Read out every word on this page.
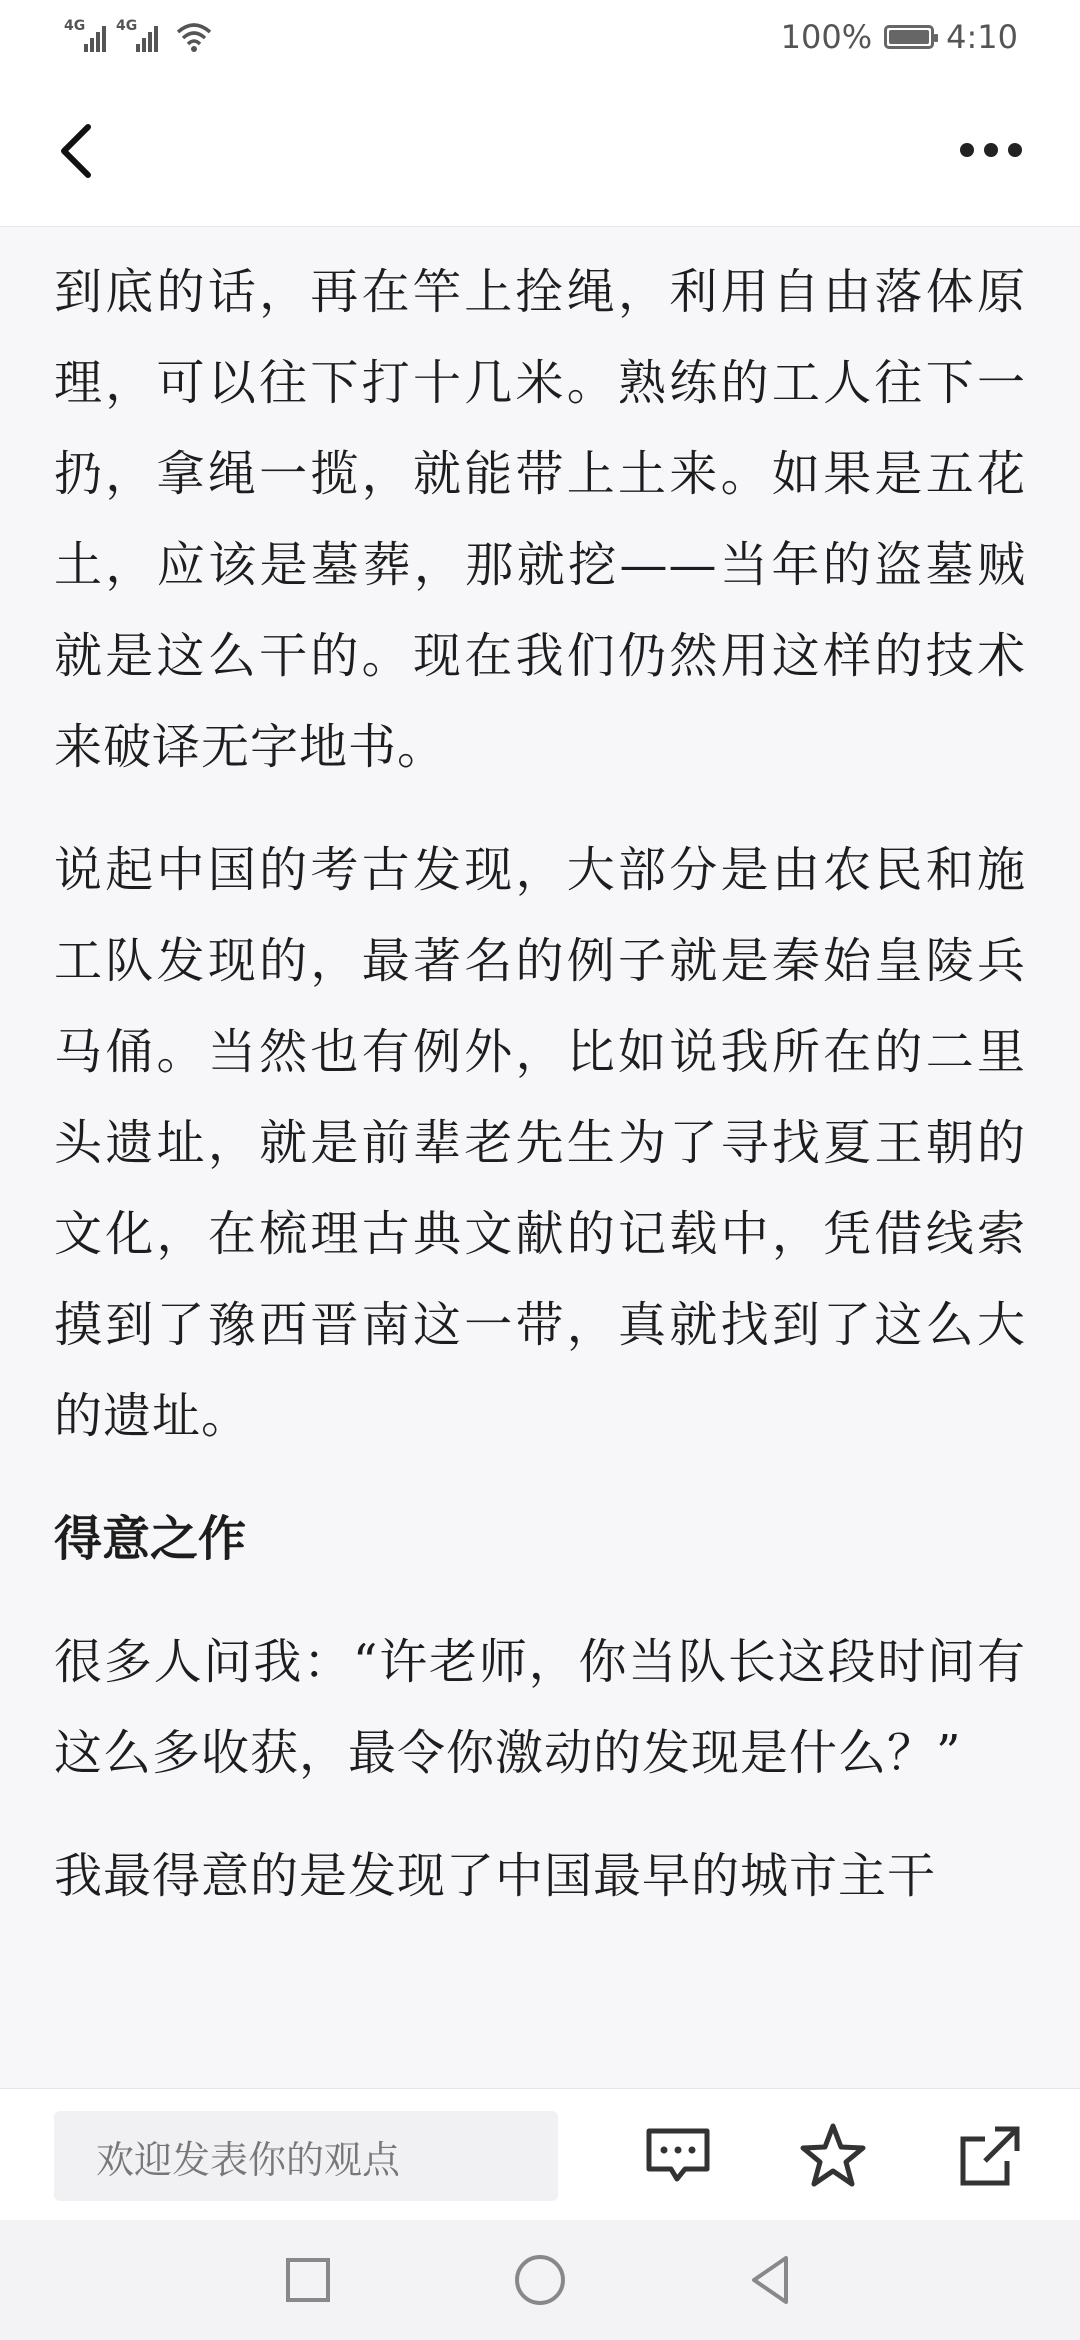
4G 4G	100% 4:10

到底的话，再在竿上拴绳，利用自由落体原理，可以往下打十几米。熟练的工人往下一扔，拿绳一揽，就能带上土来。如果是五花土，应该是墓葬，那就挖——当年的盗墓贼就是这么干的。现在我们仍然用这样的技术来破译无字地书。

说起中国的考古发现，大部分是由农民和施工队发现的，最著名的例子就是秦始皇陵兵马俑。当然也有例外，比如说我所在的二里头遗址，就是前辈老先生为了寻找夏王朝的文化，在梳理古典文献的记载中，凭借线索摸到了豫西晋南这一带，真就找到了这么大的遗址。

得意之作

很多人问我：“许老师，你当队长这段时间有这么多收获，最令你激动的发现是什么？”

我最得意的是发现了中国最早的城市主干

欢迎发表你的观点
